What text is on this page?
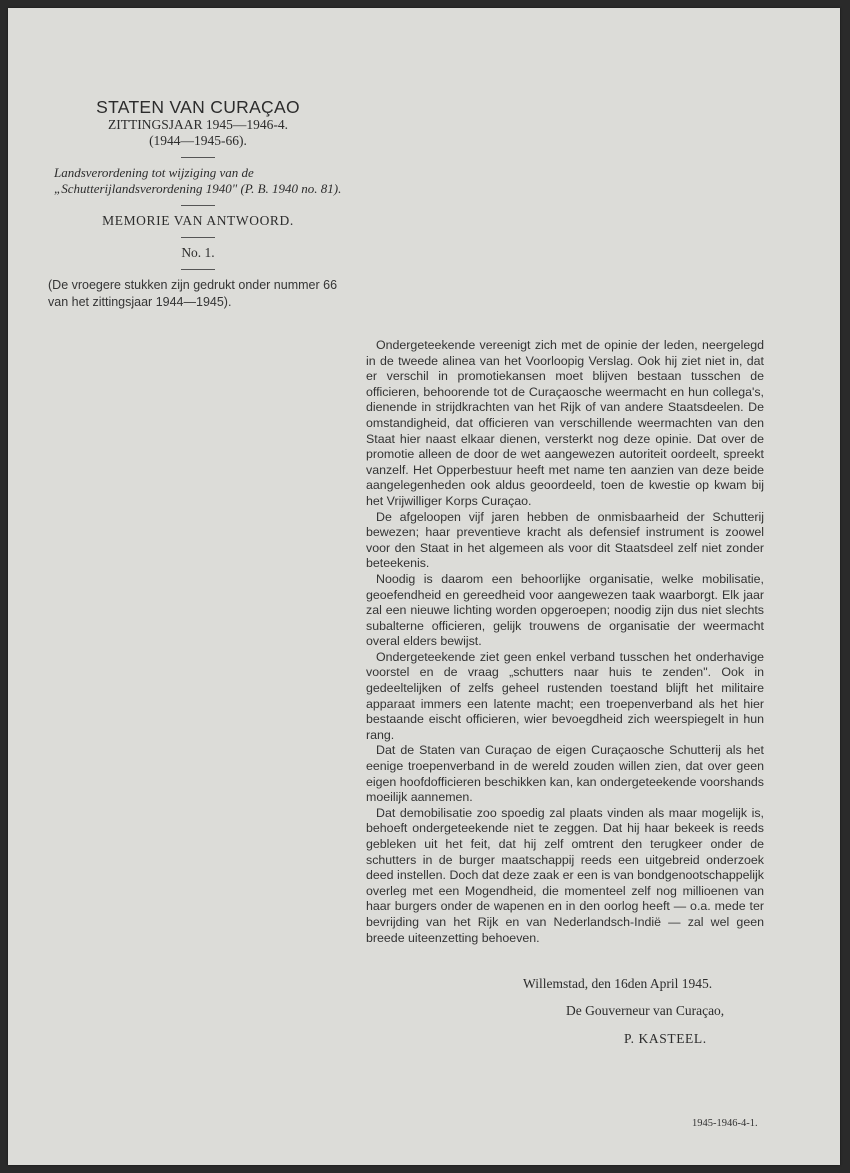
STATEN VAN CURAÇAO
ZITTINGSJAAR 1945—1946-4.
(1944—1945-66).
Landsverordening tot wijziging van de „Schutterijlandsverordening 1940" (P. B. 1940 no. 81).
MEMORIE VAN ANTWOORD.
No. 1.
(De vroegere stukken zijn gedrukt onder nummer 66 van het zittingsjaar 1944—1945).

Ondergeteekende vereenigt zich met de opinie der leden, neergelegd in de tweede alinea van het Voorloopig Verslag. Ook hij ziet niet in, dat er verschil in promotiekansen moet blijven bestaan tusschen de officieren, behoorende tot de Curaçaosche weermacht en hun collega's, dienende in strijdkrachten van het Rijk of van andere Staatsdeelen. De omstandigheid, dat officieren van verschillende weermachten van den Staat hier naast elkaar dienen, versterkt nog deze opinie. Dat over de promotie alleen de door de wet aangewezen autoriteit oordeelt, spreekt vanzelf. Het Opperbestuur heeft met name ten aanzien van deze beide aangelegenheden ook aldus geoordeeld, toen de kwestie op kwam bij het Vrijwilliger Korps Curaçao.

De afgeloopen vijf jaren hebben de onmisbaarheid der Schutterij bewezen; haar preventieve kracht als defensief instrument is zoowel voor den Staat in het algemeen als voor dit Staatsdeel zelf niet zonder beteekenis.

Noodig is daarom een behoorlijke organisatie, welke mobilisatie, geoefendheid en gereedheid voor aangewezen taak waarborgt. Elk jaar zal een nieuwe lichting worden opgeroepen; noodig zijn dus niet slechts subalterne officieren, gelijk trouwens de organisatie der weermacht overal elders bewijst.

Ondergeteekende ziet geen enkel verband tusschen het onderhavige voorstel en de vraag „schutters naar huis te zenden". Ook in gedeeltelijken of zelfs geheel rustenden toestand blijft het militaire apparaat immers een latente macht; een troepenverband als het hier bestaande eischt officieren, wier bevoegdheid zich weerspiegelt in hun rang.

Dat de Staten van Curaçao de eigen Curaçaosche Schutterij als het eenige troepenverband in de wereld zouden willen zien, dat over geen eigen hoofdofficieren beschikken kan, kan ondergeteekende voorshands moeilijk aannemen.

Dat demobilisatie zoo spoedig zal plaats vinden als maar mogelijk is, behoeft ondergeteekende niet te zeggen. Dat hij haar bekeek is reeds gebleken uit het feit, dat hij zelf omtrent den terugkeer onder de schutters in de burger maatschappij reeds een uitgebreid onderzoek deed instellen. Doch dat deze zaak er een is van bondgenootschappelijk overleg met een Mogendheid, die momenteel zelf nog millioenen van haar burgers onder de wapenen en in den oorlog heeft — o.a. mede ter bevrijding van het Rijk en van Nederlandsch-Indië — zal wel geen breede uiteenzetting behoeven.

Willemstad, den 16den April 1945.
De Gouverneur van Curaçao,
P. KASTEEL.
1945-1946-4-1.
